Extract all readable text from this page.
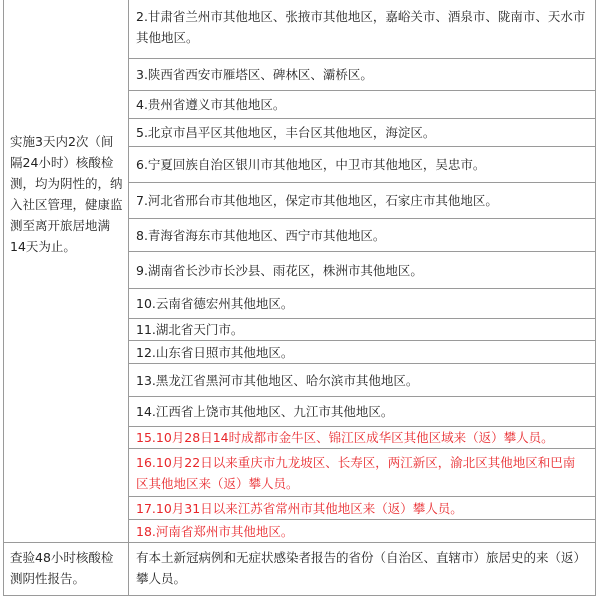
实施3天内2次（间隔24小时）核酸检测，均为阴性的，纳入社区管理，健康监测至离开旅居地满14天为止。
查验48小时核酸检测阴性报告。
2.甘肃省兰州市其他地区、张掖市其他地区，嘉峪关市、酒泉市、陇南市、天水市其他地区。
3.陕西省西安市雁塔区、碑林区、灞桥区。
4.贵州省遵义市其他地区。
5.北京市昌平区其他地区，丰台区其他地区，海淀区。
6.宁夏回族自治区银川市其他地区，中卫市其他地区，吴忠市。
7.河北省邢台市其他地区，保定市其他地区，石家庄市其他地区。
8.青海省海东市其他地区、西宁市其他地区。
9.湖南省长沙市长沙县、雨花区，株洲市其他地区。
10.云南省德宏州其他地区。
11.湖北省天门市。
12.山东省日照市其他地区。
13.黑龙江省黑河市其他地区、哈尔滨市其他地区。
14.江西省上饶市其他地区、九江市其他地区。
15.10月28日14时成都市金牛区、锦江区成华区其他区域来（返）攀人员。
16.10月22日以来重庆市九龙坡区、长寿区，两江新区，渝北区其他地区和巴南区其他地区来（返）攀人员。
17.10月31日以来江苏省常州市其他地区来（返）攀人员。
18.河南省郑州市其他地区。
有本土新冠病例和无症状感染者报告的省份（自治区、直辖市）旅居史的来（返）攀人员。
